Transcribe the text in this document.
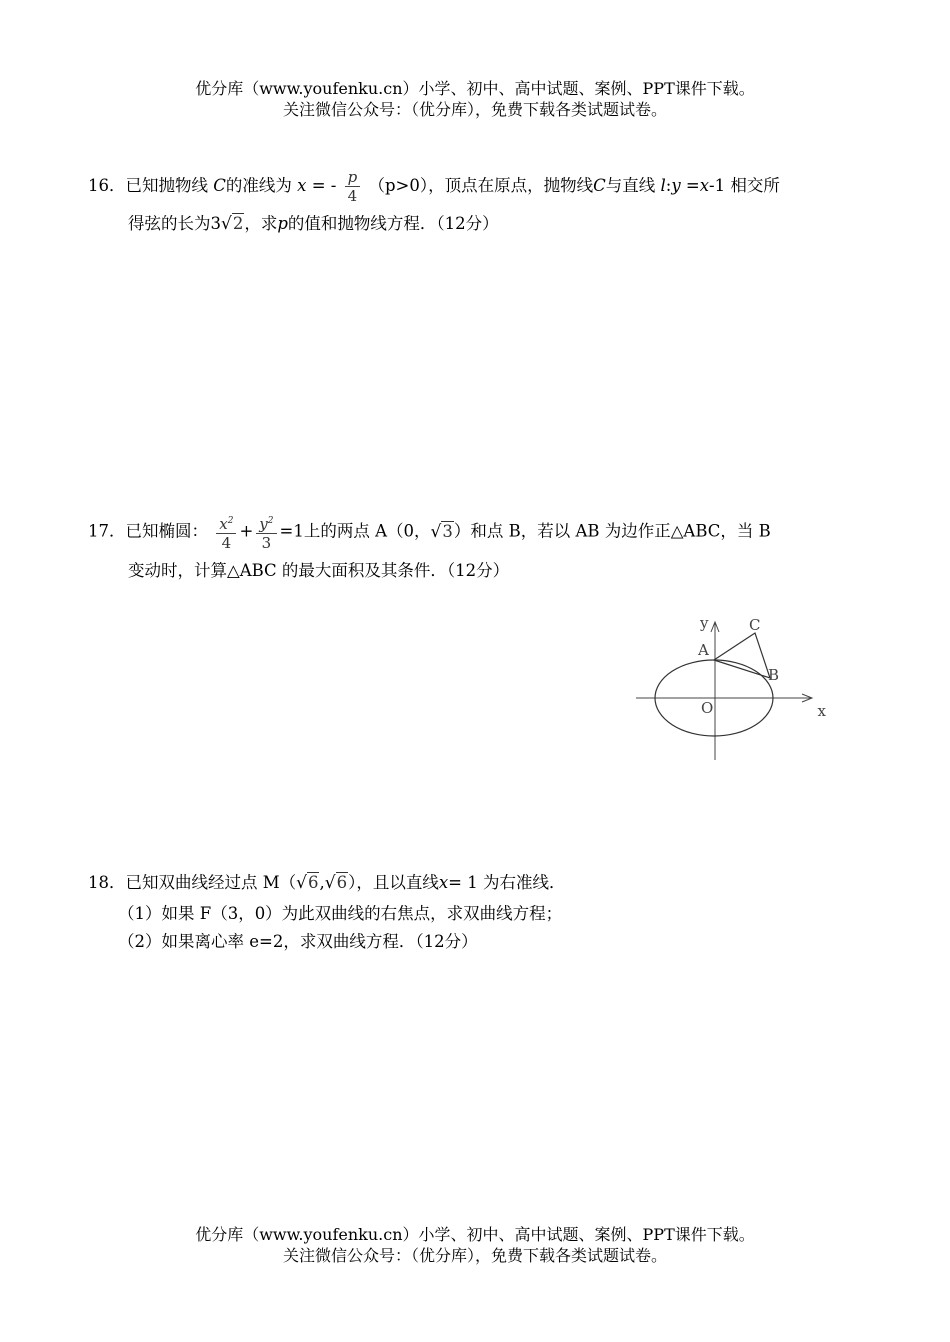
优分库（www.youfenku.cn）小学、初中、高中试题、案例、PPT课件下载。
关注微信公众号：（优分库），免费下载各类试题试卷。
16．已知抛物线 C的准线为 x = - $\frac{p}{4} (p>0)$，顶点在原点，抛物线C与直线 l:y =x-1 相交所
得弦的长为3√2，求p的值和抛物线方程．（12分）
17．已知椭圆： $\frac{x^2}{4} + \frac{y^2}{3} =1$上的两点 A（0，√3）和点 B，若以 AB 为边作正△ABC，当 B
变动时，计算△ABC 的最大面积及其条件．（12分）
x
y
O
A
B
C
18．已知双曲线经过点 M（√6,√6），且以直线x= 1 为右准线．
（1）如果 F（3，0）为此双曲线的右焦点，求双曲线方程；
（2）如果离心率 e=2，求双曲线方程．（12分）
优分库（www.youfenku.cn）小学、初中、高中试题、案例、PPT课件下载。
关注微信公众号：（优分库），免费下载各类试题试卷。
